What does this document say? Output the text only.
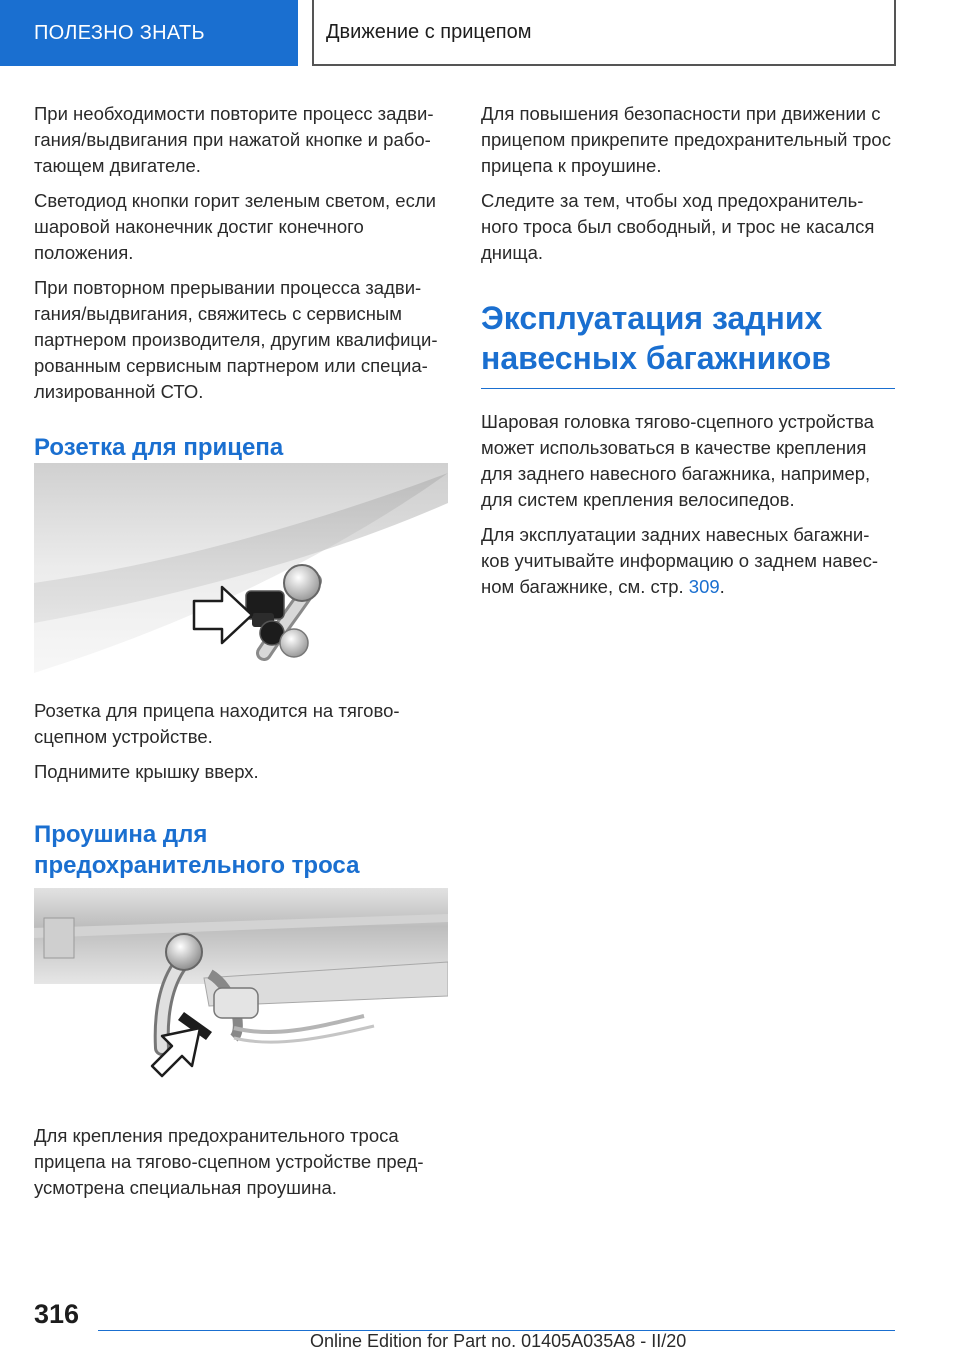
ПОЛЕЗНО ЗНАТЬ	Движение с прицепом

При необходимости повторите процесс задви-гания/выдвигания при нажатой кнопке и рабо-тающем двигателе.

Светодиод кнопки горит зеленым светом, если шаровой наконечник достиг конечного положения.

При повторном прерывании процесса задви-гания/выдвигания, свяжитесь с сервисным партнером производителя, другим квалифици-рованным сервисным партнером или специа-лизированной СТО.

Розетка для прицепа

Розетка для прицепа находится на тягово-сцепном устройстве.

Поднимите крышку вверх.

Проушина для
предохранительного троса

Для крепления предохранительного троса прицепа на тягово-сцепном устройстве пред-усмотрена специальная проушина.

Для повышения безопасности при движении с прицепом прикрепите предохранительный трос прицепа к проушине.

Следите за тем, чтобы ход предохранитель-ного троса был свободный, и трос не касался днища.

Эксплуатация задних
навесных багажников

Шаровая головка тягово-сцепного устройства может использоваться в качестве крепления для заднего навесного багажника, например, для систем крепления велосипедов.

Для эксплуатации задних навесных багажни-ков учитывайте информацию о заднем навес-ном багажнике, см. стр. 309.

316
Online Edition for Part no. 01405A035A8 - II/20
